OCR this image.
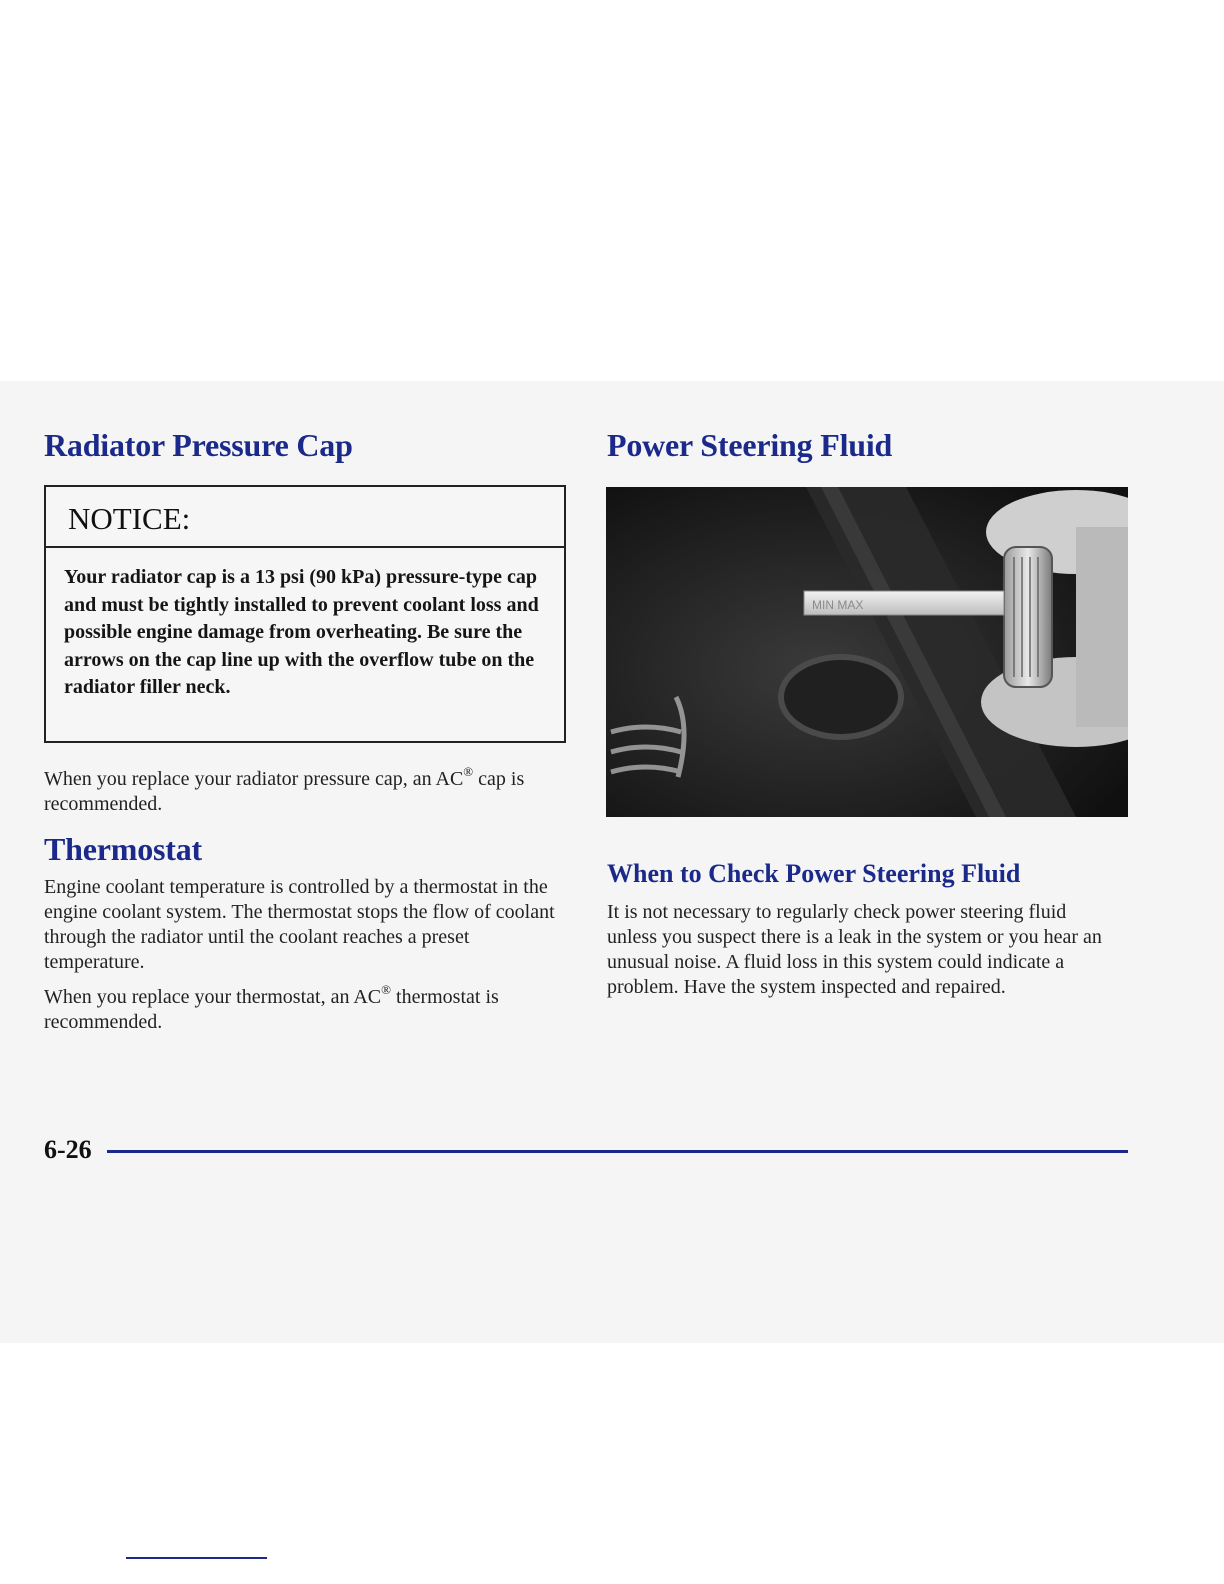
Radiator Pressure Cap
NOTICE:
Your radiator cap is a 13 psi (90 kPa) pressure-type cap and must be tightly installed to prevent coolant loss and possible engine damage from overheating. Be sure the arrows on the cap line up with the overflow tube on the radiator filler neck.

When you replace your radiator pressure cap, an AC® cap is recommended.

Thermostat

Engine coolant temperature is controlled by a thermostat in the engine coolant system. The thermostat stops the flow of coolant through the radiator until the coolant reaches a preset temperature.

When you replace your thermostat, an AC® thermostat is recommended.

Power Steering Fluid
MIN MAX
When to Check Power Steering Fluid

It is not necessary to regularly check power steering fluid unless you suspect there is a leak in the system or you hear an unusual noise. A fluid loss in this system could indicate a problem. Have the system inspected and repaired.

6-26
